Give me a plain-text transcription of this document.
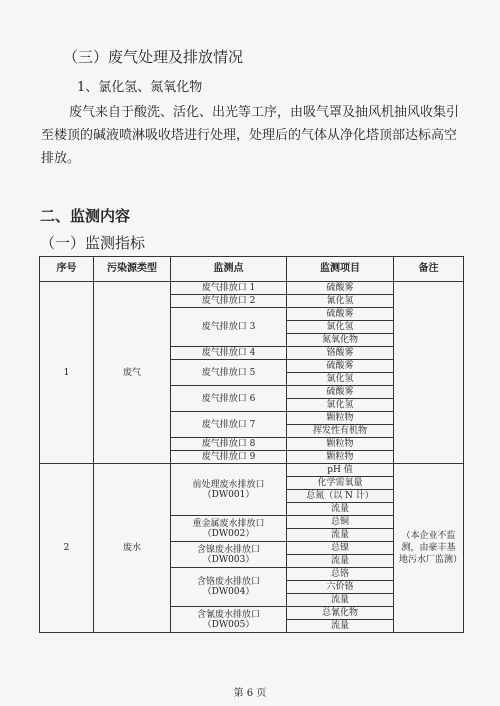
（三）废气处理及排放情况
1、氯化氢、氮氧化物
废气来自于酸洗、活化、出光等工序，由吸气罩及抽风机抽风收集引至楼顶的碱液喷淋吸收塔进行处理，处理后的气体从净化塔顶部达标高空排放。
二、监测内容
（一）监测指标
序号	污染源类型	监测点	监测项目	备注
1	废气	废气排放口 1	硫酸雾	
		废气排放口 2	氰化氢	
		废气排放口 3	硫酸雾	
			氯化氢	
			氮氧化物	
		废气排放口 4	铬酸雾	
		废气排放口 5	硫酸雾	
			氯化氢	
		废气排放口 6	硫酸雾	
			氯化氢	
		废气排放口 7	颗粒物	
			挥发性有机物	
		废气排放口 8	颗粒物	
		废气排放口 9	颗粒物	
2	废水	前处理废水排放口（DW001）	pH 值	（本企业不监测，由豪丰基地污水厂监测）
			化学需氧量	
			总氮（以 N 计）	
			流量	
		重金属废水排放口（DW002）	总铜	
			流量	
		含镍废水排放口（DW003）	总镍	
			流量	
		含铬废水排放口（DW004）	总铬	
			六价铬	
			流量	
		含氰废水排放口（DW005）	总氰化物	
			流量	
第 6 页
